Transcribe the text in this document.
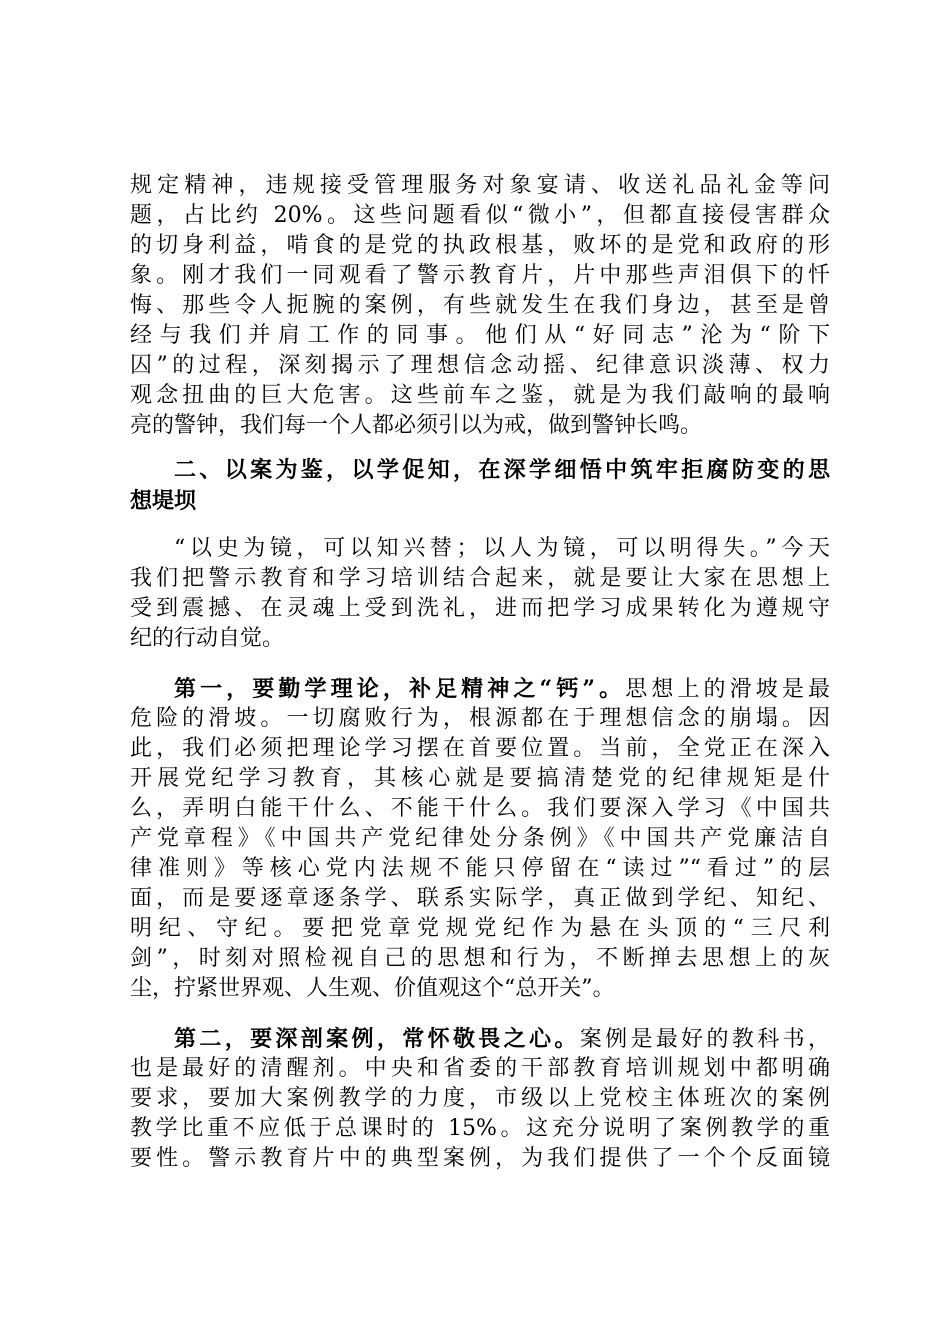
规定精神，违规接受管理服务对象宴请、收送礼品礼金等问
题，占比约 20%。这些问题看似“微小”，但都直接侵害群众
的切身利益，啃食的是党的执政根基，败坏的是党和政府的形
象。刚才我们一同观看了警示教育片，片中那些声泪俱下的忏
悔、那些令人扼腕的案例，有些就发生在我们身边，甚至是曾
经与我们并肩工作的同事。他们从“好同志”沦为“阶下
囚”的过程，深刻揭示了理想信念动摇、纪律意识淡薄、权力
观念扭曲的巨大危害。这些前车之鉴，就是为我们敲响的最响
亮的警钟，我们每一个人都必须引以为戒，做到警钟长鸣。
二、以案为鉴，以学促知，在深学细悟中筑牢拒腐防变的思
想堤坝
“以史为镜，可以知兴替；以人为镜，可以明得失。”今天
我们把警示教育和学习培训结合起来，就是要让大家在思想上
受到震撼、在灵魂上受到洗礼，进而把学习成果转化为遵规守
纪的行动自觉。
第一，要勤学理论，补足精神之“钙”。思想上的滑坡是最
危险的滑坡。一切腐败行为，根源都在于理想信念的崩塌。因
此，我们必须把理论学习摆在首要位置。当前，全党正在深入
开展党纪学习教育，其核心就是要搞清楚党的纪律规矩是什
么，弄明白能干什么、不能干什么。我们要深入学习《中国共
产党章程》《中国共产党纪律处分条例》《中国共产党廉洁自
律准则》等核心党内法规不能只停留在“读过”“看过”的层
面，而是要逐章逐条学、联系实际学，真正做到学纪、知纪、
明纪、守纪。要把党章党规党纪作为悬在头顶的“三尺利
剑”，时刻对照检视自己的思想和行为，不断掸去思想上的灰
尘，拧紧世界观、人生观、价值观这个“总开关”。
第二，要深剖案例，常怀敬畏之心。案例是最好的教科书，
也是最好的清醒剂。中央和省委的干部教育培训规划中都明确
要求，要加大案例教学的力度，市级以上党校主体班次的案例
教学比重不应低于总课时的 15%。这充分说明了案例教学的重
要性。警示教育片中的典型案例，为我们提供了一个个反面镜
